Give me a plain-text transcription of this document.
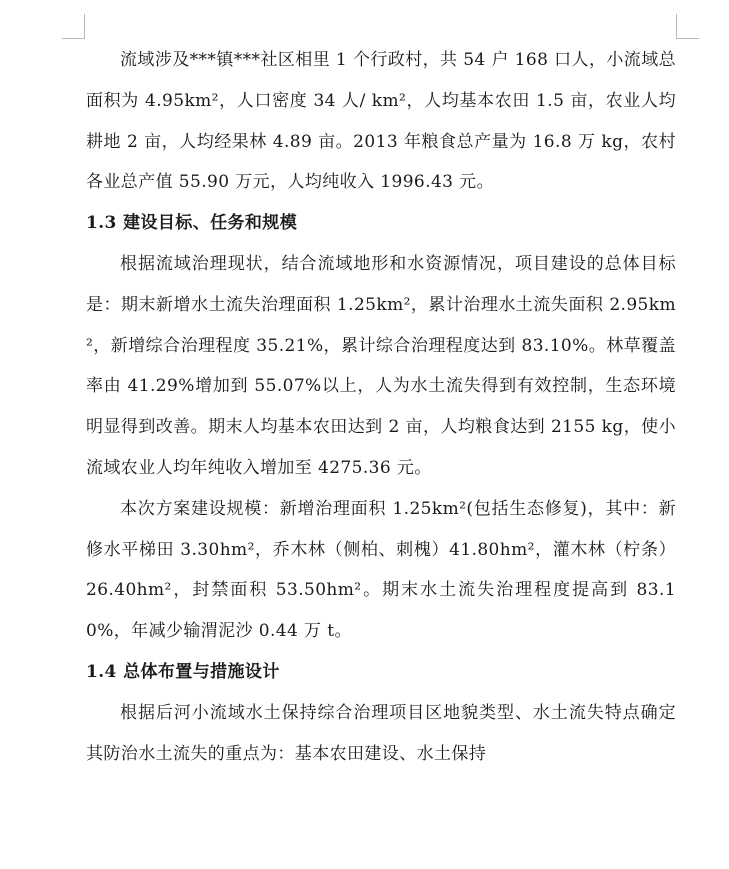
流域涉及***镇***社区相里 1 个行政村，共 54 户 168 口人，小流域总面积为 4.95km²，人口密度 34 人/ km²，人均基本农田 1.5 亩，农业人均耕地 2 亩，人均经果林 4.89 亩。2013 年粮食总产量为 16.8 万 kg，农村各业总产值 55.90 万元，人均纯收入 1996.43 元。

1.3 建设目标、任务和规模

根据流域治理现状，结合流域地形和水资源情况，项目建设的总体目标是：期末新增水土流失治理面积 1.25km²，累计治理水土流失面积 2.95km²，新增综合治理程度 35.21%，累计综合治理程度达到 83.10%。林草覆盖率由 41.29%增加到 55.07%以上，人为水土流失得到有效控制，生态环境明显得到改善。期末人均基本农田达到 2 亩，人均粮食达到 2155 kg，使小流域农业人均年纯收入增加至 4275.36 元。

本次方案建设规模：新增治理面积 1.25km²(包括生态修复)，其中：新修水平梯田 3.30hm²，乔木林（侧柏、刺槐）41.80hm²，灌木林（柠条）26.40hm²，封禁面积 53.50hm²。期末水土流失治理程度提高到 83.10%，年减少输渭泥沙 0.44 万 t。

1.4 总体布置与措施设计

根据后河小流域水土保持综合治理项目区地貌类型、水土流失特点确定其防治水土流失的重点为：基本农田建设、水土保持
